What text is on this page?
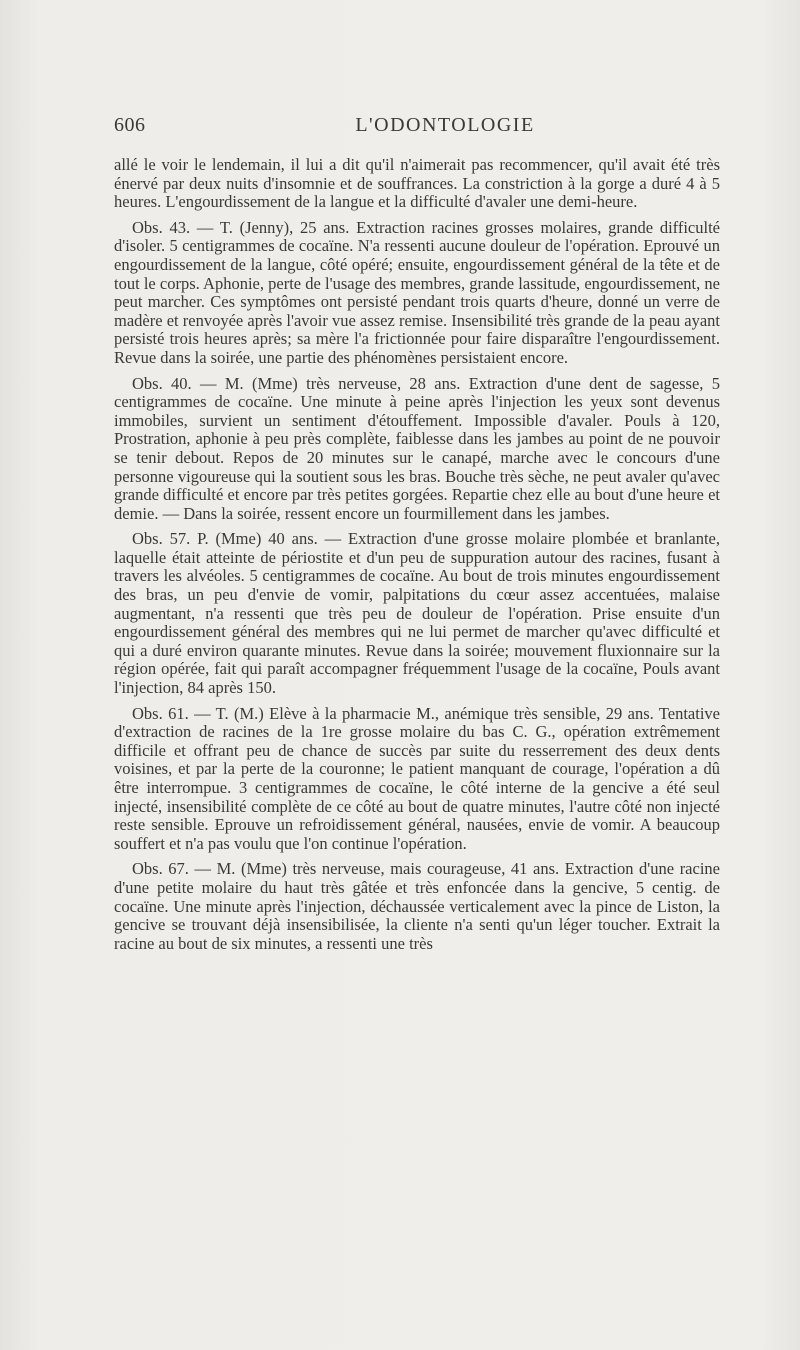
606	L'ODONTOLOGIE

allé le voir le lendemain, il lui a dit qu'il n'aimerait pas recommencer, qu'il avait été très énervé par deux nuits d'insomnie et de souffrances. La constriction à la gorge a duré 4 à 5 heures. L'engourdissement de la langue et la difficulté d'avaler une demi-heure.

Obs. 43. — T. (Jenny), 25 ans. Extraction racines grosses molaires, grande difficulté d'isoler. 5 centigrammes de cocaïne. N'a ressenti aucune douleur de l'opération. Eprouvé un engourdissement de la langue, côté opéré; ensuite, engourdissement général de la tête et de tout le corps. Aphonie, perte de l'usage des membres, grande lassitude, engourdissement, ne peut marcher. Ces symptômes ont persisté pendant trois quarts d'heure, donné un verre de madère et renvoyée après l'avoir vue assez remise. Insensibilité très grande de la peau ayant persisté trois heures après; sa mère l'a frictionnée pour faire disparaître l'engourdissement. Revue dans la soirée, une partie des phénomènes persistaient encore.

Obs. 40. — M. (Mme) très nerveuse, 28 ans. Extraction d'une dent de sagesse, 5 centigrammes de cocaïne. Une minute à peine après l'injection les yeux sont devenus immobiles, survient un sentiment d'étouffement. Impossible d'avaler. Pouls à 120, Prostration, aphonie à peu près complète, faiblesse dans les jambes au point de ne pouvoir se tenir debout. Repos de 20 minutes sur le canapé, marche avec le concours d'une personne vigoureuse qui la soutient sous les bras. Bouche très sèche, ne peut avaler qu'avec grande difficulté et encore par très petites gorgées. Repartie chez elle au bout d'une heure et demie. — Dans la soirée, ressent encore un fourmillement dans les jambes.

Obs. 57. P. (Mme) 40 ans. — Extraction d'une grosse molaire plombée et branlante, laquelle était atteinte de périostite et d'un peu de suppuration autour des racines, fusant à travers les alvéoles. 5 centigrammes de cocaïne. Au bout de trois minutes engourdissement des bras, un peu d'envie de vomir, palpitations du cœur assez accentuées, malaise augmentant, n'a ressenti que très peu de douleur de l'opération. Prise ensuite d'un engourdissement général des membres qui ne lui permet de marcher qu'avec difficulté et qui a duré environ quarante minutes. Revue dans la soirée; mouvement fluxionnaire sur la région opérée, fait qui paraît accompagner fréquemment l'usage de la cocaïne, Pouls avant l'injection, 84 après 150.

Obs. 61. — T. (M.) Elève à la pharmacie M., anémique très sensible, 29 ans. Tentative d'extraction de racines de la 1re grosse molaire du bas C. G., opération extrêmement difficile et offrant peu de chance de succès par suite du resserrement des deux dents voisines, et par la perte de la couronne; le patient manquant de courage, l'opération a dû être interrompue. 3 centigrammes de cocaïne, le côté interne de la gencive a été seul injecté, insensibilité complète de ce côté au bout de quatre minutes, l'autre côté non injecté reste sensible. Eprouve un refroidissement général, nausées, envie de vomir. A beaucoup souffert et n'a pas voulu que l'on continue l'opération.

Obs. 67. — M. (Mme) très nerveuse, mais courageuse, 41 ans. Extraction d'une racine d'une petite molaire du haut très gâtée et très enfoncée dans la gencive, 5 centig. de cocaïne. Une minute après l'injection, déchaussée verticalement avec la pince de Liston, la gencive se trouvant déjà insensibilisée, la cliente n'a senti qu'un léger toucher. Extrait la racine au bout de six minutes, a ressenti une très
